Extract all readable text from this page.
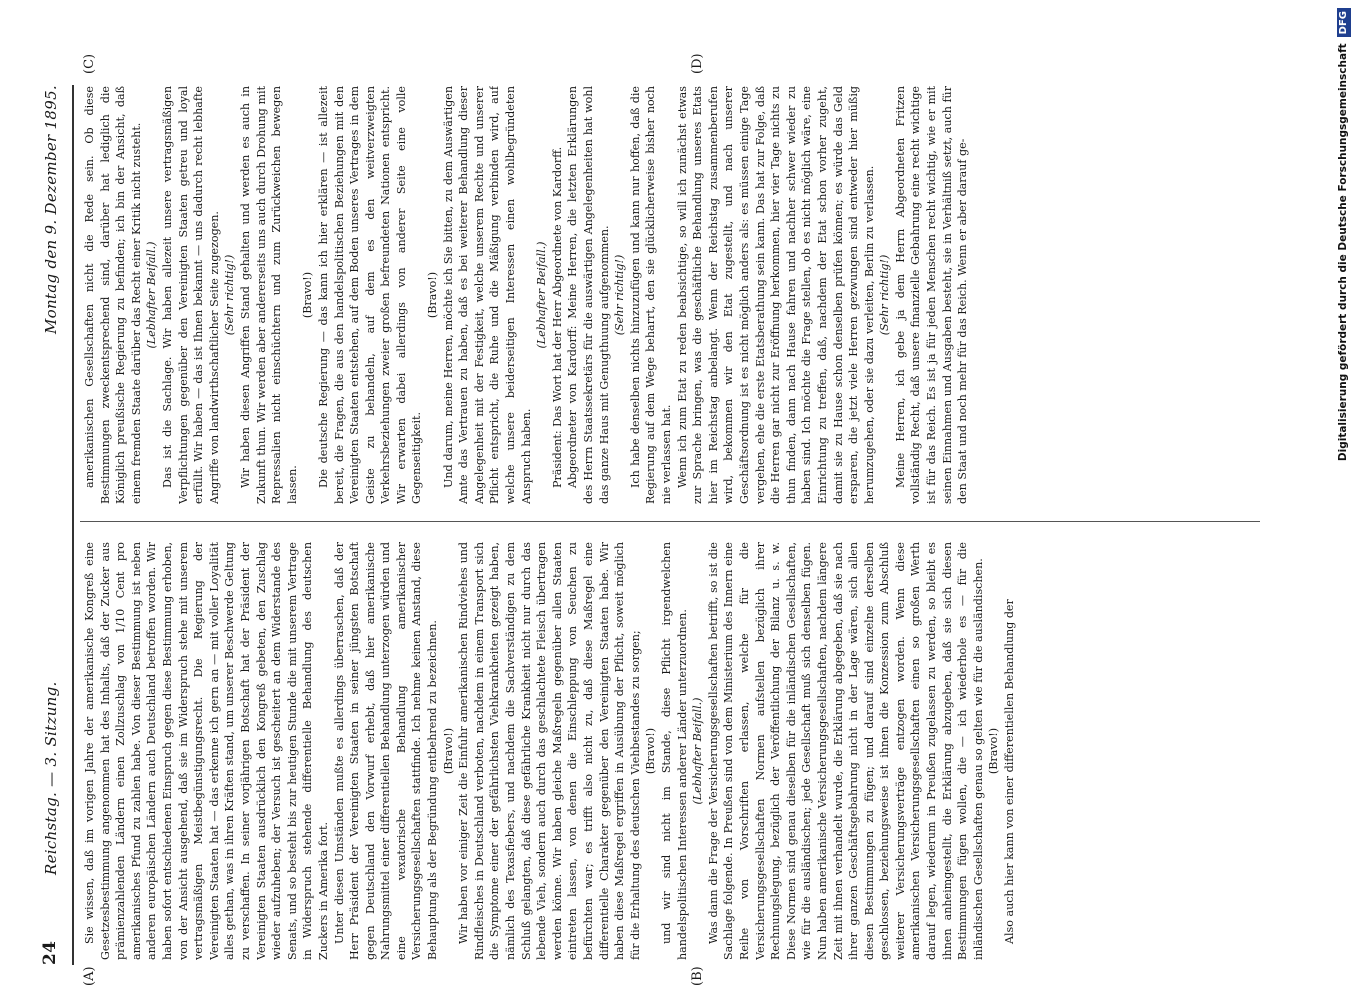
24
Reichstag. — 3. Sitzung.
Montag den 9. Dezember 1895.
(A)	(B)
(C)	(D)

Sie wissen, daß im vorigen Jahre der amerikanische Kongreß eine Gesetzesbestimmung angenommen hat des Inhalts, daß der Zucker aus prämienzahlenden Ländern einen Zollzuschlag von 1/10 Cent pro amerikanisches Pfund zu zahlen habe. Von dieser Bestimmung ist neben anderen europäischen Ländern auch Deutschland betroffen worden. Wir haben sofort entschiedenen Einspruch gegen diese Bestimmung erhoben, von der Ansicht ausgehend, daß sie im Widerspruch stehe mit unserem vertragsmäßigen Meistbegünstigungsrecht. Die Regierung der Vereinigten Staaten hat — das erkenne ich gern an — mit voller Loyalität alles gethan, was in ihren Kräften stand, um unserer Beschwerde Geltung zu verschaffen. In seiner vorjährigen Botschaft hat der Präsident der Vereinigten Staaten ausdrücklich den Kongreß gebeten, den Zuschlag wieder aufzuheben; der Versuch ist gescheitert an dem Widerstande des Senats, und so besteht bis zur heutigen Stunde die mit unserem Vertrage in Widerspruch stehende differentielle Behandlung des deutschen Zuckers in Amerika fort. Unter diesen Umständen mußte es allerdings überraschen, daß der Herr Präsident der Vereinigten Staaten in seiner jüngsten Botschaft gegen Deutschland den Vorwurf erhebt, daß hier amerikanische Nahrungsmittel einer differentiellen Behandlung unterzogen würden und eine vexatorische Behandlung amerikanischer Versicherungsgesellschaften stattfinde. Ich nehme keinen Anstand, diese Behauptung als der Begründung entbehrend zu bezeichnen. (Bravo!) Wir haben vor einiger Zeit die Einfuhr amerikanischen Rindviehes und Rindfleisches in Deutschland verboten, nachdem in einem Transport sich die Symptome einer der gefährlichsten Viehkrankheiten gezeigt haben, nämlich des Texasfiebers, und nachdem die Sachverständigen zu dem Schluß gelangten, daß diese gefährliche Krankheit nicht nur durch das lebende Vieh, sondern auch durch das geschlachtete Fleisch übertragen werden könne. Wir haben gleiche Maßregeln gegenüber allen Staaten eintreten lassen, von denen die Einschleppung von Seuchen zu befürchten war; es trifft also nicht zu, daß diese Maßregel eine differentielle Charakter gegenüber den Vereinigten Staaten habe. Wir haben diese Maßregel ergriffen in Ausübung der Pflicht, soweit möglich für die Erhaltung des deutschen Viehbestandes zu sorgen; (Bravo!) und wir sind nicht im Stande, diese Pflicht irgendwelchen handelspolitischen Interessen anderer Länder unterzuordnen. (Lebhafter Beifall.) Was dann die Frage der Versicherungsgesellschaften betrifft, so ist die Sachlage folgende. In Preußen sind von dem Ministerium des Innern eine Reihe von Vorschriften erlassen, welche für die Versicherungsgesellschaften Normen aufstellen bezüglich ihrer Rechnungslegung, bezüglich der Veröffentlichung der Bilanz u. s. w. Diese Normen sind genau dieselben für die inländischen Gesellschaften, wie für die ausländischen; jede Gesellschaft muß sich denselben fügen. Nun haben amerikanische Versicherungsgesellschaften, nachdem längere Zeit mit ihnen verhandelt wurde, die Erklärung abgegeben, daß sie nach ihrer ganzen Geschäftsgebahrung nicht in der Lage wären, sich allen diesen Bestimmungen zu fügen; und darauf sind einzelne derselben geschlossen, beziehungsweise ist ihnen die Konzession zum Abschluß weiterer Versicherungsverträge entzogen worden. Wenn diese amerikanischen Versicherungsgesellschaften einen so großen Werth darauf legen, wiederum in Preußen zugelassen zu werden, so bleibt es ihnen anheimgestellt, die Erklärung abzugeben, daß sie sich diesen Bestimmungen fügen wollen, die — ich wiederhole es — für die inländischen Gesellschaften genau so gelten wie für die ausländischen. (Bravo!) Also auch hier kann von einer differentiellen Behandlung der

amerikanischen Gesellschaften nicht die Rede sein. Ob diese Bestimmungen zweckentsprechend sind, darüber hat lediglich die Königlich preußische Regierung zu befinden; ich bin der Ansicht, daß einem fremden Staate darüber das Recht einer Kritik nicht zusteht. (Lebhafter Beifall.) Das ist die Sachlage. Wir haben allezeit unsere vertragsmäßigen Verpflichtungen gegenüber den Vereinigten Staaten getreu und loyal erfüllt. Wir haben — das ist Ihnen bekannt — uns dadurch recht lebhafte Angriffe von landwirthschaftlicher Seite zugezogen. (Sehr richtig!) Wir haben diesen Angriffen Stand gehalten und werden es auch in Zukunft thun. Wir werden aber andererseits uns auch durch Drohung mit Repressalien nicht einschüchtern und zum Zurückweichen bewegen lassen.

(Bravo!) Die deutsche Regierung — das kann ich hier erklären — ist allezeit bereit, die Fragen, die aus den handelspolitischen Beziehungen mit den Vereinigten Staaten entstehen, auf dem Boden unseres Vertrages in dem Geiste zu behandeln, auf dem es den weitverzweigten Verkehrsbeziehungen zweier großen befreundeten Nationen entspricht. Wir erwarten dabei allerdings von anderer Seite eine volle Gegenseitigkeit.

(Bravo!) Und darum, meine Herren, möchte ich Sie bitten, zu dem Auswärtigen Amte das Vertrauen zu haben, daß es bei weiterer Behandlung dieser Angelegenheit mit der Festigkeit, welche unserem Rechte und unserer Pflicht entspricht, die Ruhe und die Mäßigung verbinden wird, auf welche unsere beiderseitigen Interessen einen wohlbegründeten Anspruch haben.

(Lebhafter Beifall.) Präsident: Das Wort hat der Herr Abgeordnete von Kardorff. Abgeordneter von Kardorff: Meine Herren, die letzten Erklärungen des Herrn Staatssekretärs für die auswärtigen Angelegenheiten hat wohl das ganze Haus mit Genugthuung aufgenommen. (Sehr richtig!) Ich habe denselben nichts hinzuzufügen und kann nur hoffen, daß die Regierung auf dem Wege beharrt, den sie glücklicherweise bisher noch nie verlassen hat. Wenn ich zum Etat zu reden beabsichtige, so will ich zunächst etwas zur Sprache bringen, was die geschäftliche Behandlung unseres Etats hier im Reichstag anbelangt. Wenn der Reichstag zusammenberufen wird, bekommen wir den Etat zugestellt, und nach unserer Geschäftsordnung ist es nicht möglich anders als: es müssen einige Tage vergehen, ehe die erste Etatsberathung sein kann. Das hat zur Folge, daß die Herren gar nicht zur Eröffnung herkommen, hier vier Tage nichts zu thun finden, dann nach Hause fahren und nachher schwer wieder zu haben sind. Ich möchte die Frage stellen, ob es nicht möglich wäre, eine Einrichtung zu treffen, daß, nachdem der Etat schon vorher zugeht, damit sie zu Hause schon denselben prüfen können; es würde das Geld ersparen, die jetzt viele Herren gezwungen sind entweder hier müßig herumzugehen, oder sie dazu verleiten, Berlin zu verlassen. (Sehr richtig!) Meine Herren, ich gebe ja dem Herrn Abgeordneten Fritzen vollständig Recht, daß unsere finanzielle Gebahrung eine recht wichtige ist für das Reich. Es ist ja für jeden Menschen recht wichtig, wie er mit seinen Einnahmen und Ausgaben besteht, sie in Verhältniß setzt, auch für den Staat und noch mehr für das Reich. Wenn er aber darauf ge-	Digitalisierung gefördert durch die Deutsche ForschungsgemeinschaftDFG
